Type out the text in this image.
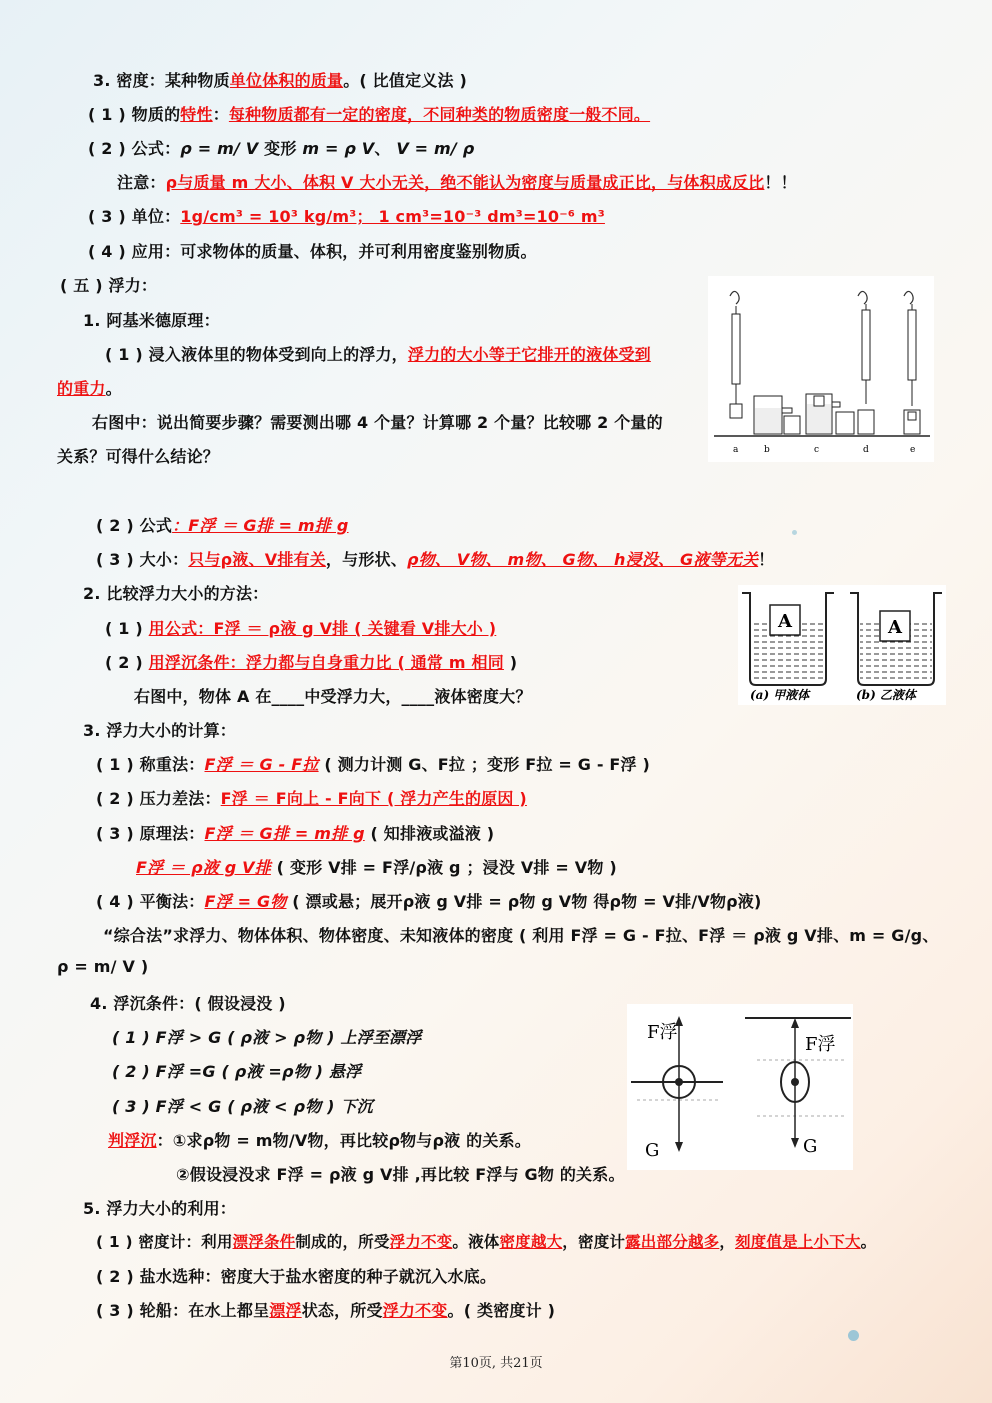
3. 密度：某种物质单位体积的质量。( 比值定义法 )
( 1 ) 物质的特性：每种物质都有一定的密度，不同种类的物质密度一般不同。
( 2 ) 公式：ρ = m/ V 变形 m = ρ V、 V = m/ ρ
注意：ρ与质量 m 大小、体积 V 大小无关，绝不能认为密度与质量成正比，与体积成反比！！
( 3 ) 单位：1g/cm³ = 10³ kg/m³； 1 cm³=10⁻³ dm³=10⁻⁶ m³
( 4 ) 应用：可求物体的质量、体积，并可利用密度鉴别物质。
( 五 ) 浮力：
1. 阿基米德原理：
( 1 ) 浸入液体里的物体受到向上的浮力，浮力的大小等于它排开的液体受到
的重力。
右图中：说出简要步骤？需要测出哪 4 个量？计算哪 2 个量？比较哪 2 个量的
关系？可得什么结论？	a	b	c	d	e
( 2 ) 公式：F浮 ＝ G排 = m排 g
( 3 ) 大小：只与ρ液、V排有关，与形状、ρ物、 V物、 m物、 G物、 h浸没、 G液等无关！
2. 比较浮力大小的方法：
( 1 ) 用公式：F浮 ＝ ρ液 g V排 ( 关键看 V排大小 )
( 2 ) 用浮沉条件：浮力都与自身重力比 ( 通常 m 相同 )
右图中，物体 A 在____中受浮力大，____液体密度大？
A	A
(a) 甲液体	(b) 乙液体
3. 浮力大小的计算：
( 1 ) 称重法：F浮 ＝ G - F拉 ( 测力计测 G、F拉 ；变形 F拉 = G - F浮 )
( 2 ) 压力差法：F浮 ＝ F向上 - F向下 ( 浮力产生的原因 )
( 3 ) 原理法：F浮 ＝ G排 = m排 g ( 知排液或溢液 )
F浮 ＝ ρ液 g V排 ( 变形 V排 = F浮/ρ液 g ；浸没 V排 = V物 )
( 4 ) 平衡法：F浮 = G物 ( 漂或悬；展开ρ液 g V排 = ρ物 g V物 得ρ物 = V排/V物ρ液)
“综合法”求浮力、物体体积、物体密度、未知液体的密度 ( 利用 F浮 = G - F拉、F浮 ＝ ρ液 g V排、m = G/g、
ρ = m/ V )
4. 浮沉条件：( 假设浸没 )
( 1 ) F浮 > G ( ρ液 > ρ物 ) 上浮至漂浮
( 2 ) F浮 =G ( ρ液 =ρ物 ) 悬浮
( 3 ) F浮 < G ( ρ液 < ρ物 ) 下沉
判浮沉：①求ρ物 = m物/V物，再比较ρ物与ρ液 的关系。
②假设浸没求 F浮 = ρ液 g V排 ,再比较 F浮与 G物 的关系。
F浮
G
F浮
G
5. 浮力大小的利用：
( 1 ) 密度计：利用漂浮条件制成的，所受浮力不变。液体密度越大，密度计露出部分越多，刻度值是上小下大。
( 2 ) 盐水选种：密度大于盐水密度的种子就沉入水底。
( 3 ) 轮船：在水上都呈漂浮状态，所受浮力不变。( 类密度计 )
第10页, 共21页
